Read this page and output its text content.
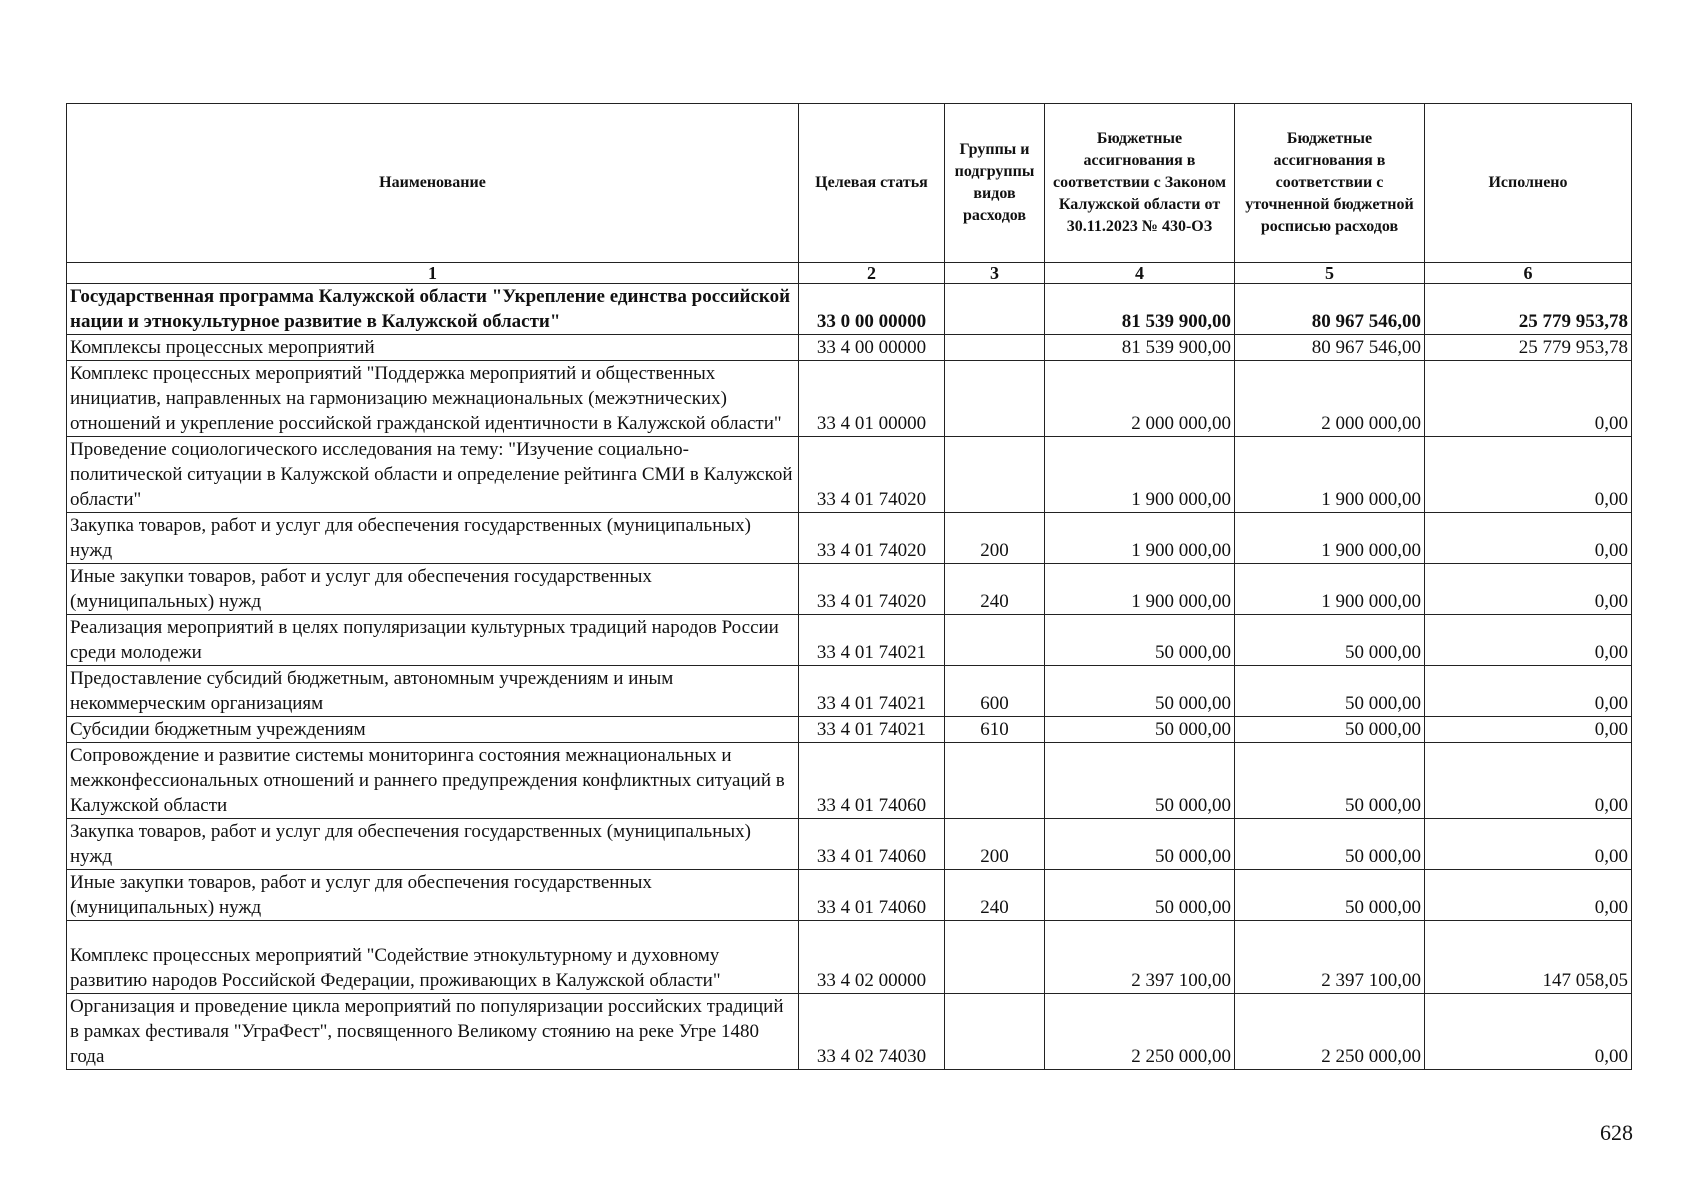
Наименование	Целевая статья	Группы и подгруппы видов расходов	Бюджетные ассигнования в соответствии с Законом Калужской области от 30.11.2023 № 430-ОЗ	Бюджетные ассигнования в соответствии с уточненной бюджетной росписью расходов	Исполнено
1	2	3	4	5	6
Государственная программа Калужской области "Укрепление единства российской нации и этнокультурное развитие в Калужской области"	33 0 00 00000		81 539 900,00	80 967 546,00	25 779 953,78
Комплексы процессных мероприятий	33 4 00 00000		81 539 900,00	80 967 546,00	25 779 953,78
Комплекс процессных мероприятий "Поддержка мероприятий и общественных инициатив, направленных на гармонизацию межнациональных (межэтнических) отношений и укрепление российской гражданской идентичности в Калужской области"	33 4 01 00000		2 000 000,00	2 000 000,00	0,00
Проведение социологического исследования на тему: "Изучение социально-политической ситуации в Калужской области и определение рейтинга СМИ в Калужской области"	33 4 01 74020		1 900 000,00	1 900 000,00	0,00
Закупка товаров, работ и услуг для обеспечения государственных (муниципальных) нужд	33 4 01 74020	200	1 900 000,00	1 900 000,00	0,00
Иные закупки товаров, работ и услуг для обеспечения государственных (муниципальных) нужд	33 4 01 74020	240	1 900 000,00	1 900 000,00	0,00
Реализация мероприятий в целях популяризации культурных традиций народов России среди молодежи	33 4 01 74021		50 000,00	50 000,00	0,00
Предоставление субсидий бюджетным, автономным учреждениям и иным некоммерческим организациям	33 4 01 74021	600	50 000,00	50 000,00	0,00
Субсидии бюджетным учреждениям	33 4 01 74021	610	50 000,00	50 000,00	0,00
Сопровождение и развитие системы мониторинга состояния межнациональных и межконфессиональных отношений и раннего предупреждения конфликтных ситуаций в Калужской области	33 4 01 74060		50 000,00	50 000,00	0,00
Закупка товаров, работ и услуг для обеспечения государственных (муниципальных) нужд	33 4 01 74060	200	50 000,00	50 000,00	0,00
Иные закупки товаров, работ и услуг для обеспечения государственных (муниципальных) нужд	33 4 01 74060	240	50 000,00	50 000,00	0,00
Комплекс процессных мероприятий "Содействие этнокультурному и духовному развитию народов Российской Федерации, проживающих в Калужской области"	33 4 02 00000		2 397 100,00	2 397 100,00	147 058,05
Организация и проведение цикла мероприятий по популяризации российских традиций в рамках фестиваля "УграФест", посвященного Великому стоянию на реке Угре 1480 года	33 4 02 74030		2 250 000,00	2 250 000,00	0,00
628
